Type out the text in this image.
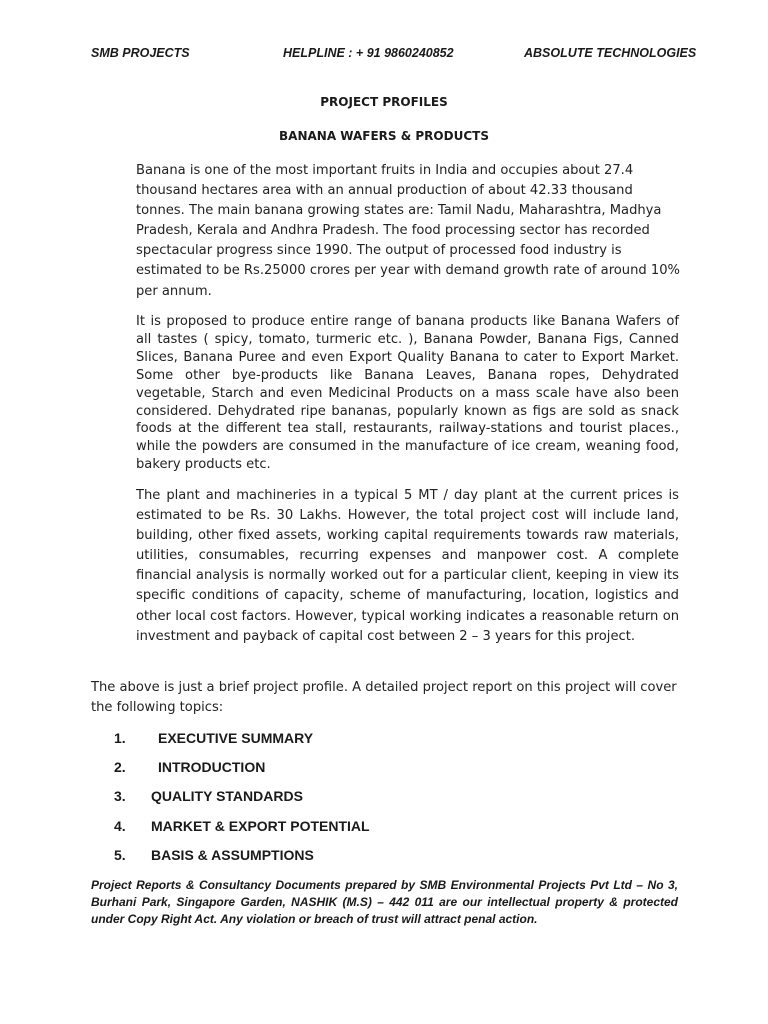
SMB PROJECTS	HELPLINE : + 91 9860240852	ABSOLUTE TECHNOLOGIES
PROJECT PROFILES
BANANA WAFERS & PRODUCTS

Banana is one of the most important fruits in India and occupies about 27.4 thousand hectares area with an annual production of about 42.33 thousand tonnes. The main banana growing states are: Tamil Nadu, Maharashtra, Madhya Pradesh, Kerala and Andhra Pradesh. The food processing sector has recorded spectacular progress since 1990. The output of processed food industry is estimated to be Rs.25000 crores per year with demand growth rate of around 10% per annum.

It is proposed to produce entire range of banana products like Banana Wafers of all tastes ( spicy, tomato, turmeric etc. ), Banana Powder, Banana Figs, Canned Slices, Banana Puree and even Export Quality Banana to cater to Export Market. Some other bye-products like Banana Leaves, Banana ropes, Dehydrated vegetable, Starch and even Medicinal Products on a mass scale have also been considered. Dehydrated ripe bananas, popularly known as figs are sold as snack foods at the different tea stall, restaurants, railway-stations and tourist places., while the powders are consumed in the manufacture of ice cream, weaning food, bakery products etc.

The plant and machineries in a typical 5 MT / day plant at the current prices is estimated to be Rs. 30 Lakhs. However, the total project cost will include land, building, other fixed assets, working capital requirements towards raw materials, utilities, consumables, recurring expenses and manpower cost. A complete financial analysis is normally worked out for a particular client, keeping in view its specific conditions of capacity, scheme of manufacturing, location, logistics and other local cost factors. However, typical working indicates a reasonable return on investment and payback of capital cost between 2 – 3 years for this project.

The above is just a brief project profile. A detailed project report on this project will cover the following topics:

1. EXECUTIVE SUMMARY
2. INTRODUCTION
3. QUALITY STANDARDS
4. MARKET & EXPORT POTENTIAL
5. BASIS & ASSUMPTIONS

Project Reports & Consultancy Documents prepared by SMB Environmental Projects Pvt Ltd – No 3, Burhani Park, Singapore Garden, NASHIK (M.S) – 442 011 are our intellectual property & protected under Copy Right Act. Any violation or breach of trust will attract penal action.
